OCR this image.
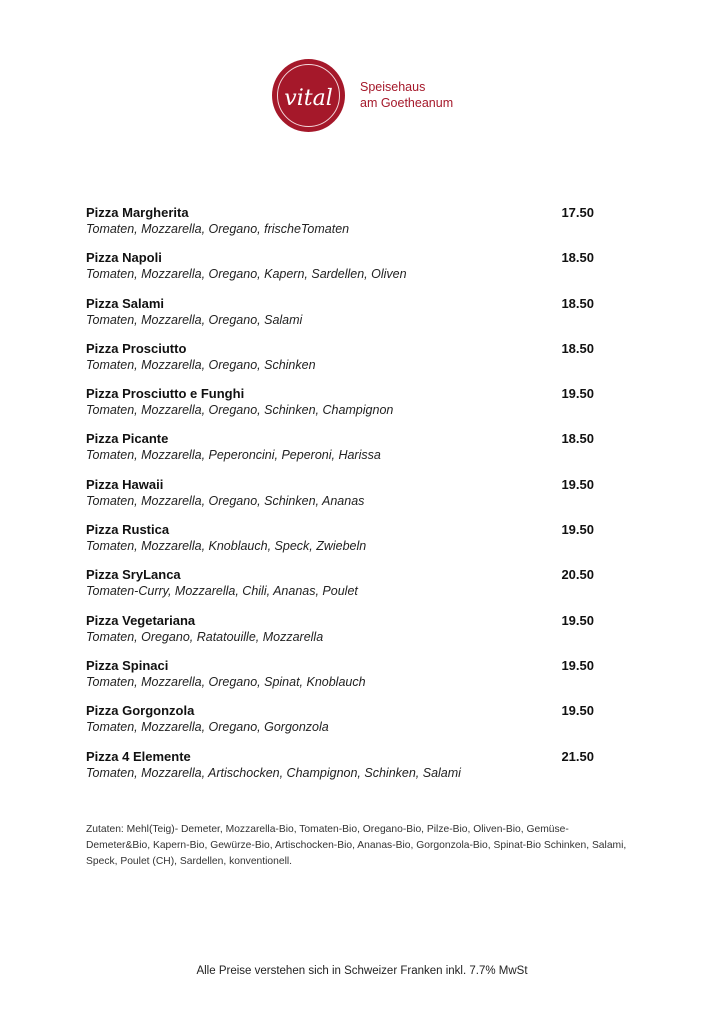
vital Speisehaus
am Goetheanum
Pizza Margherita
Tomaten, Mozzarella, Oregano, frischeTomaten
17.50
Pizza Napoli
Tomaten, Mozzarella, Oregano, Kapern, Sardellen, Oliven
18.50
Pizza Salami
Tomaten, Mozzarella, Oregano, Salami
18.50
Pizza Prosciutto
Tomaten, Mozzarella, Oregano, Schinken
18.50
Pizza Prosciutto e Funghi
Tomaten, Mozzarella, Oregano, Schinken, Champignon
19.50
Pizza Picante
Tomaten, Mozzarella, Peperoncini, Peperoni, Harissa
18.50
Pizza Hawaii
Tomaten, Mozzarella, Oregano, Schinken, Ananas
19.50
Pizza Rustica
Tomaten, Mozzarella, Knoblauch, Speck, Zwiebeln
19.50
Pizza SryLanca
Tomaten-Curry, Mozzarella, Chili, Ananas, Poulet
20.50
Pizza Vegetariana
Tomaten, Oregano, Ratatouille, Mozzarella
19.50
Pizza Spinaci
Tomaten, Mozzarella, Oregano, Spinat, Knoblauch
19.50
Pizza Gorgonzola
Tomaten, Mozzarella, Oregano, Gorgonzola
19.50
Pizza 4 Elemente
Tomaten, Mozzarella, Artischocken, Champignon, Schinken, Salami
21.50
Zutaten: Mehl(Teig)- Demeter, Mozzarella-Bio, Tomaten-Bio, Oregano-Bio, Pilze-Bio, Oliven-Bio, Gemüse-Demeter&Bio, Kapern-Bio, Gewürze-Bio, Artischocken-Bio, Ananas-Bio, Gorgonzola-Bio, Spinat-Bio Schinken, Salami, Speck, Poulet (CH), Sardellen, konventionell.
Alle Preise verstehen sich in Schweizer Franken inkl. 7.7% MwSt
